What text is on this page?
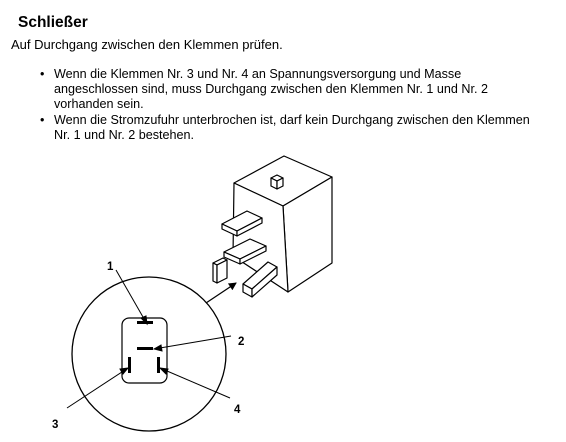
Schließer
Auf Durchgang zwischen den Klemmen prüfen.
• Wenn die Klemmen Nr. 3 und Nr. 4 an Spannungsversorgung und Masse
angeschlossen sind, muss Durchgang zwischen den Klemmen Nr. 1 und Nr. 2
vorhanden sein.
• Wenn die Stromzufuhr unterbrochen ist, darf kein Durchgang zwischen den Klemmen
Nr. 1 und Nr. 2 bestehen.
1
2
3
4
